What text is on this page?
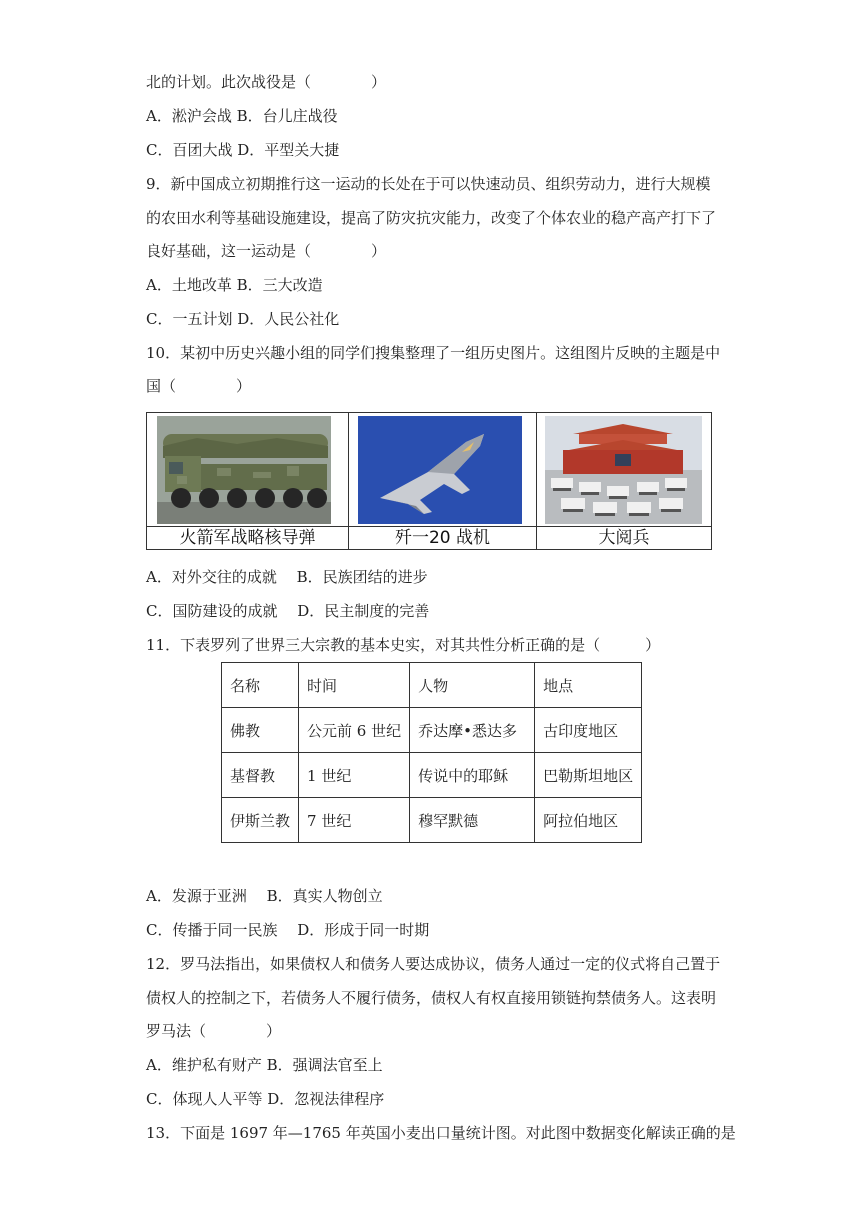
北的计划。此次战役是（　　　　）
A．淞沪会战 B．台儿庄战役
C．百团大战 D．平型关大捷
9．新中国成立初期推行这一运动的长处在于可以快速动员、组织劳动力，进行大规模
的农田水利等基础设施建设，提高了防灾抗灾能力，改变了个体农业的稳产高产打下了
良好基础，这一运动是（　　　　）
A．土地改革 B．三大改造
C．一五计划 D．人民公社化
10．某初中历史兴趣小组的同学们搜集整理了一组历史图片。这组图片反映的主题是中
国（　　　　）
火箭军战略核导弹	歼一20 战机	大阅兵
A．对外交往的成就　 B．民族团结的进步
C．国防建设的成就　 D．民主制度的完善
11．下表罗列了世界三大宗教的基本史实，对其共性分析正确的是（　　　）
名称	时间	人物	地点
佛教	公元前 6 世纪	乔达摩•悉达多	古印度地区
基督教	1 世纪	传说中的耶稣	巴勒斯坦地区
伊斯兰教	7 世纪	穆罕默德	阿拉伯地区
A．发源于亚洲　 B．真实人物创立
C．传播于同一民族　 D．形成于同一时期
12．罗马法指出，如果债权人和债务人要达成协议，债务人通过一定的仪式将自己置于
债权人的控制之下，若债务人不履行债务，债权人有权直接用锁链拘禁债务人。这表明
罗马法（　　　　）
A．维护私有财产 B．强调法官至上
C．体现人人平等 D．忽视法律程序
13．下面是 1697 年—1765 年英国小麦出口量统计图。对此图中数据变化解读正确的是
